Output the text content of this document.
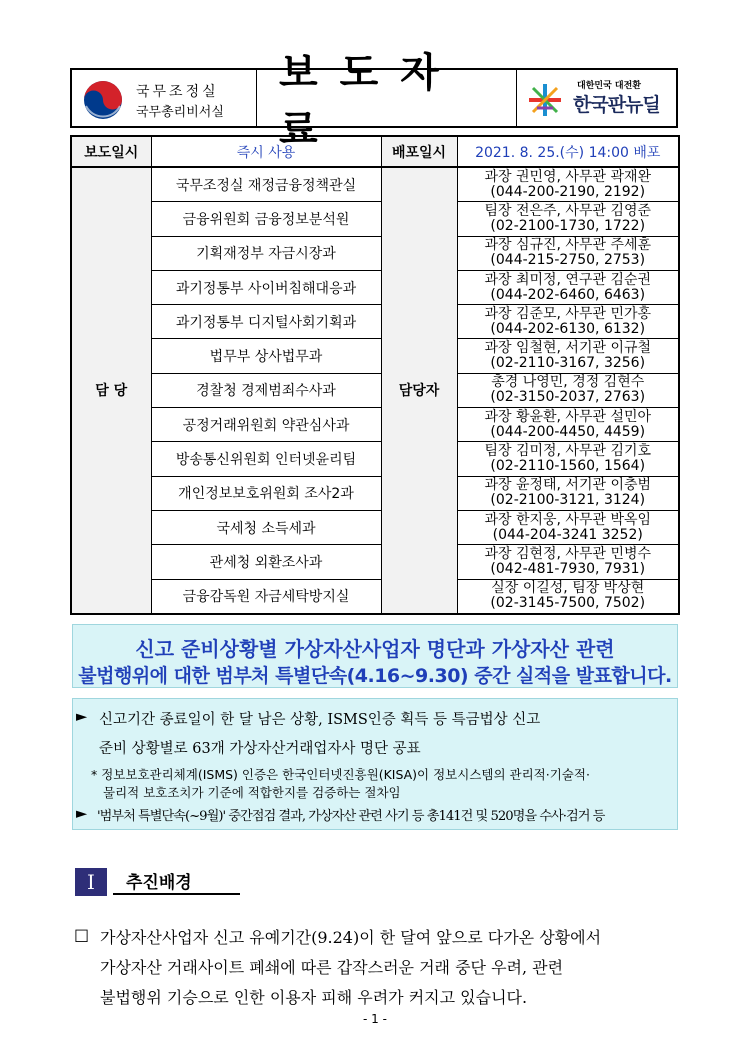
국무조정실
국무총리비서실
보도자료
대한민국 대전환
한국판뉴딜
보도일시	즉시 사용	배포일시	2021. 8. 25.(수) 14:00 배포
담 당	국무조정실 재정금융정책관실	담당자	과장 권민영, 사무관 곽재완
(044-200-2190, 2192)

	금융위원회 금융정보분석원		팀장 전은주, 사무관 김영준
(02-2100-1730, 1722)

	기획재정부 자금시장과		과장 심규진, 사무관 주세훈
(044-215-2750, 2753)

	과기정통부 사이버침해대응과		과장 최미정, 연구관 김순권
(044-202-6460, 6463)

	과기정통부 디지털사회기획과		과장 김준모, 사무관 민가홍
(044-202-6130, 6132)

	법무부 상사법무과		과장 임철현, 서기관 이규철
(02-2110-3167, 3256)

	경찰청 경제범죄수사과		총경 나영민, 경정 김현수
(02-3150-2037, 2763)

	공정거래위원회 약관심사과		과장 황윤환, 사무관 설민아
(044-200-4450, 4459)

	방송통신위원회 인터넷윤리팀		팀장 김미정, 사무관 김기호
(02-2110-1560, 1564)

	개인정보보호위원회 조사2과		과장 윤정태, 서기관 이충범
(02-2100-3121, 3124)

	국세청 소득세과		과장 한지웅, 사무관 박옥임
(044-204-3241 3252)

	관세청 외환조사과		과장 김현정, 사무관 민병수
(042-481-7930, 7931)

	금융감독원 자금세탁방지실		실장 이길성, 팀장 박상현
(02-3145-7500, 7502)
신고 준비상황별 가상자산사업자 명단과 가상자산 관련
불법행위에 대한 범부처 특별단속(4.16~9.30) 중간 실적을 발표합니다.
► 신고기간 종료일이 한 달 남은 상황, ISMS인증 획득 등 특금법상 신고
준비 상황별로 63개 가상자산거래업자사 명단 공표
* 정보보호관리체계(ISMS) 인증은 한국인터넷진흥원(KISA)이 정보시스템의 관리적·기술적·
물리적 보호조치가 기준에 적합한지를 검증하는 절차임
► '범부처 특별단속(~9월)' 중간점검 결과, 가상자산 관련 사기 등 총141건 및 520명을 수사·검거 등
Ⅰ	추진배경
□ 가상자산사업자 신고 유예기간(9.24)이 한 달여 앞으로 다가온 상황에서
가상자산 거래사이트 폐쇄에 따른 갑작스러운 거래 중단 우려, 관련
불법행위 기승으로 인한 이용자 피해 우려가 커지고 있습니다.
- 1 -
